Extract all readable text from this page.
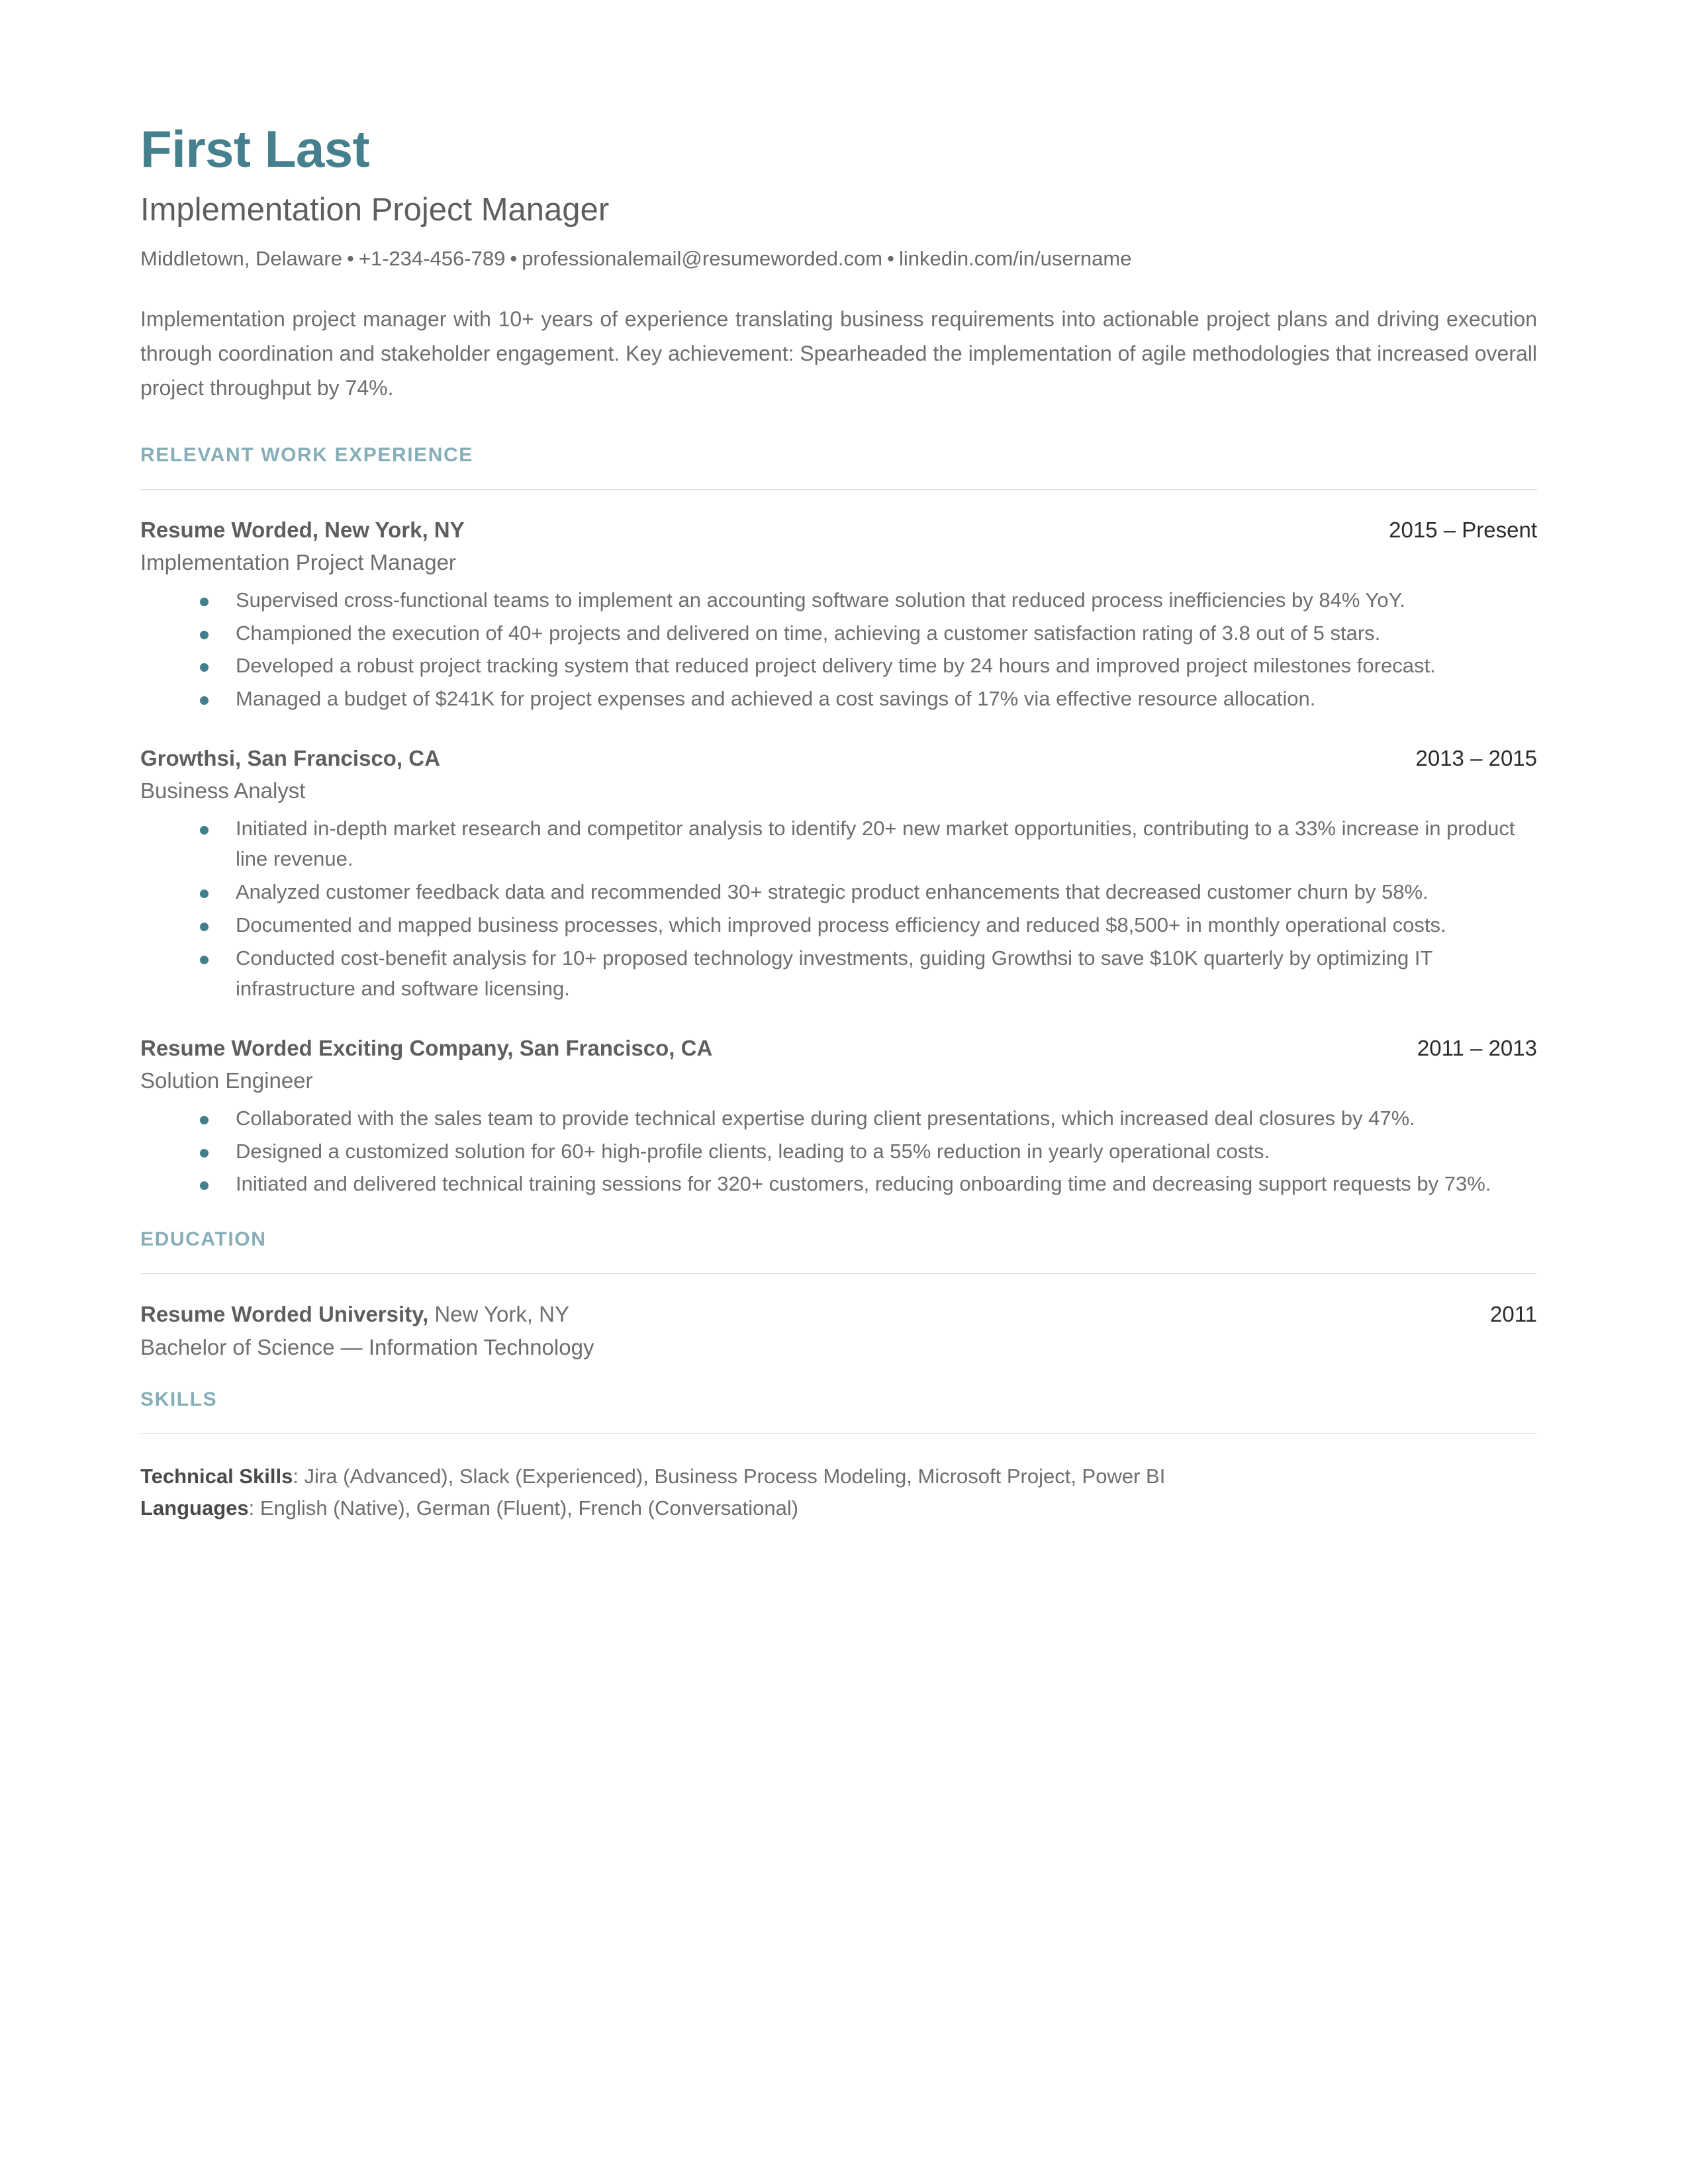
First Last
Implementation Project Manager
Middletown, Delaware • +1-234-456-789 • professionalemail@resumeworded.com • linkedin.com/in/username

Implementation project manager with 10+ years of experience translating business requirements into actionable project plans and driving execution through coordination and stakeholder engagement. Key achievement: Spearheaded the implementation of agile methodologies that increased overall project throughput by 74%.

RELEVANT WORK EXPERIENCE
Resume Worded, New York, NY	2015 – Present
Implementation Project Manager
Supervised cross-functional teams to implement an accounting software solution that reduced process inefficiencies by 84% YoY.
Championed the execution of 40+ projects and delivered on time, achieving a customer satisfaction rating of 3.8 out of 5 stars.
Developed a robust project tracking system that reduced project delivery time by 24 hours and improved project milestones forecast.
Managed a budget of $241K for project expenses and achieved a cost savings of 17% via effective resource allocation.
Growthsi, San Francisco, CA	2013 – 2015
Business Analyst
Initiated in-depth market research and competitor analysis to identify 20+ new market opportunities, contributing to a 33% increase in product line revenue.
Analyzed customer feedback data and recommended 30+ strategic product enhancements that decreased customer churn by 58%.
Documented and mapped business processes, which improved process efficiency and reduced $8,500+ in monthly operational costs.
Conducted cost-benefit analysis for 10+ proposed technology investments, guiding Growthsi to save $10K quarterly by optimizing IT infrastructure and software licensing.
Resume Worded Exciting Company, San Francisco, CA	2011 – 2013
Solution Engineer
Collaborated with the sales team to provide technical expertise during client presentations, which increased deal closures by 47%.
Designed a customized solution for 60+ high-profile clients, leading to a 55% reduction in yearly operational costs.
Initiated and delivered technical training sessions for 320+ customers, reducing onboarding time and decreasing support requests by 73%.
EDUCATION
Resume Worded University, New York, NY	2011
Bachelor of Science — Information Technology
SKILLS
Technical Skills: Jira (Advanced), Slack (Experienced), Business Process Modeling, Microsoft Project, Power BI
Languages: English (Native), German (Fluent), French (Conversational)
